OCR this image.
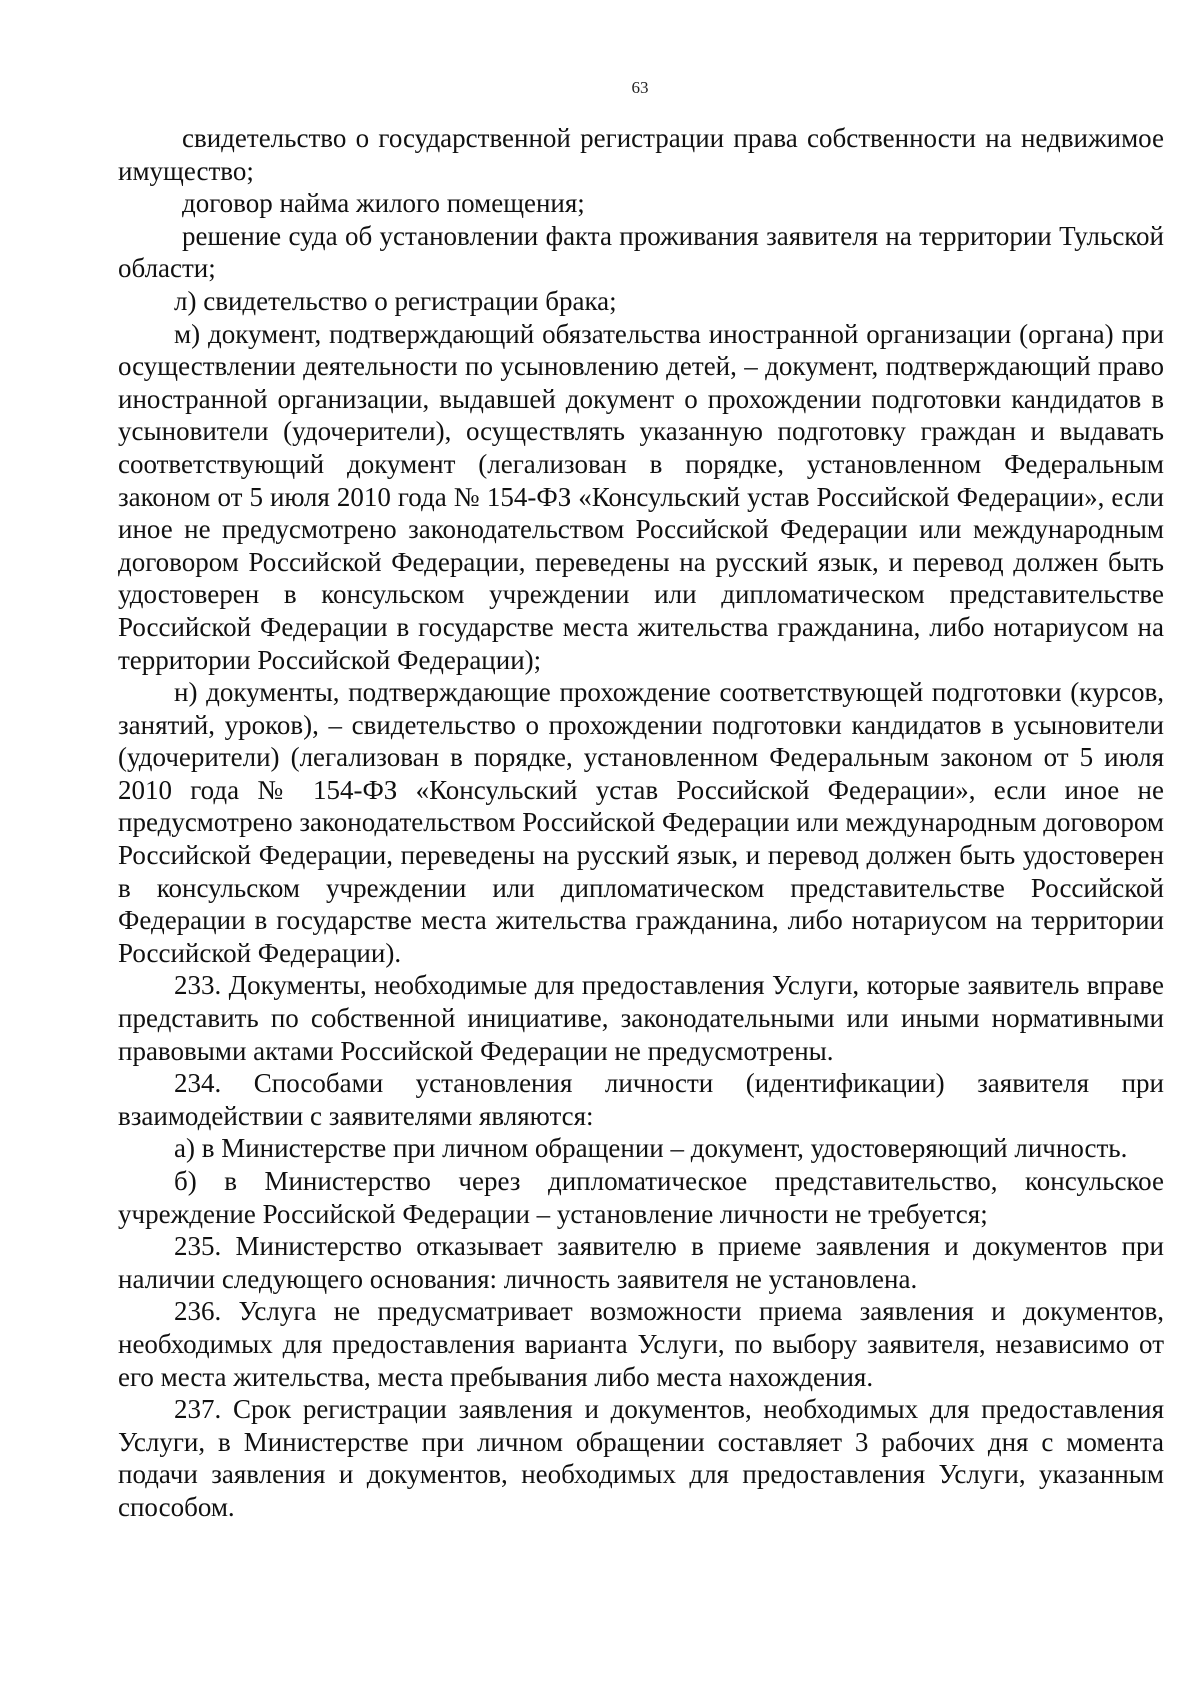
63

свидетельство о государственной регистрации права собственности на недвижимое имущество;

договор найма жилого помещения;

решение суда об установлении факта проживания заявителя на территории Тульской области;

л) свидетельство о регистрации брака;

м) документ, подтверждающий обязательства иностранной организации (органа) при осуществлении деятельности по усыновлению детей, – документ, подтверждающий право иностранной организации, выдавшей документ о прохождении подготовки кандидатов в усыновители (удочерители), осуществлять указанную подготовку граждан и выдавать соответствующий документ (легализован в порядке, установленном Федеральным законом от 5 июля 2010 года № 154-ФЗ «Консульский устав Российской Федерации», если иное не предусмотрено законодательством Российской Федерации или международным договором Российской Федерации, переведены на русский язык, и перевод должен быть удостоверен в консульском учреждении или дипломатическом представительстве Российской Федерации в государстве места жительства гражданина, либо нотариусом на территории Российской Федерации);

н) документы, подтверждающие прохождение соответствующей подготовки (курсов, занятий, уроков), – свидетельство о прохождении подготовки кандидатов в усыновители (удочерители) (легализован в порядке, установленном Федеральным законом от 5 июля 2010 года № 154-ФЗ «Консульский устав Российской Федерации», если иное не предусмотрено законодательством Российской Федерации или международным договором Российской Федерации, переведены на русский язык, и перевод должен быть удостоверен в консульском учреждении или дипломатическом представительстве Российской Федерации в государстве места жительства гражданина, либо нотариусом на территории Российской Федерации).

233. Документы, необходимые для предоставления Услуги, которые заявитель вправе представить по собственной инициативе, законодательными или иными нормативными правовыми актами Российской Федерации не предусмотрены.

234. Способами установления личности (идентификации) заявителя при взаимодействии с заявителями являются:

а) в Министерстве при личном обращении – документ, удостоверяющий личность.

б) в Министерство через дипломатическое представительство, консульское учреждение Российской Федерации – установление личности не требуется;

235. Министерство отказывает заявителю в приеме заявления и документов при наличии следующего основания: личность заявителя не установлена.

236. Услуга не предусматривает возможности приема заявления и документов, необходимых для предоставления варианта Услуги, по выбору заявителя, независимо от его места жительства, места пребывания либо места нахождения.

237. Срок регистрации заявления и документов, необходимых для предоставления Услуги, в Министерстве при личном обращении составляет 3 рабочих дня с момента подачи заявления и документов, необходимых для предоставления Услуги, указанным способом.
